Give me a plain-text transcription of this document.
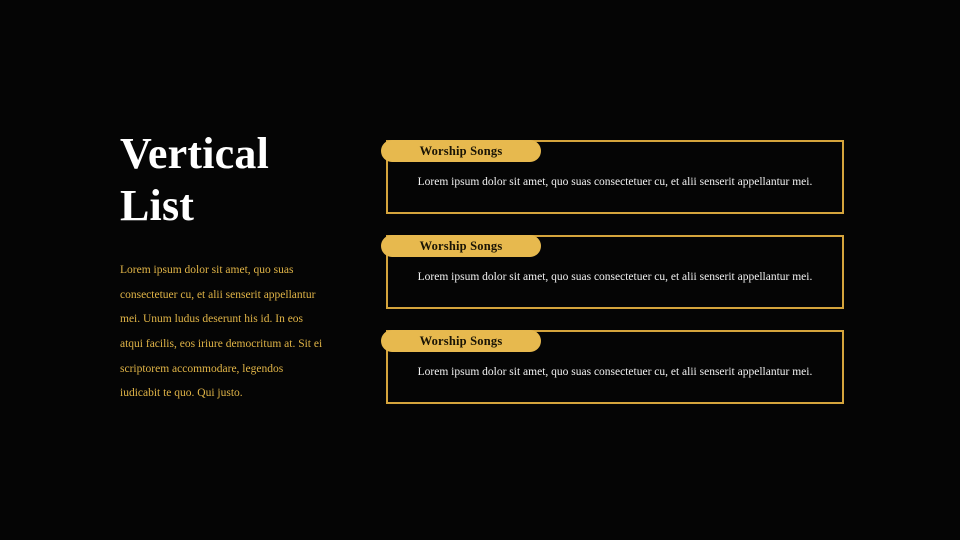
Vertical
List

Lorem ipsum dolor sit amet, quo suas consectetuer cu, et alii senserit appellantur mei. Unum ludus deserunt his id. In eos atqui facilis, eos iriure democritum at. Sit ei scriptorem accommodare, legendos iudicabit te quo. Qui justo.

Worship Songs
Lorem ipsum dolor sit amet, quo suas consectetuer cu, et alii senserit appellantur mei.
Worship Songs
Lorem ipsum dolor sit amet, quo suas consectetuer cu, et alii senserit appellantur mei.
Worship Songs
Lorem ipsum dolor sit amet, quo suas consectetuer cu, et alii senserit appellantur mei.
